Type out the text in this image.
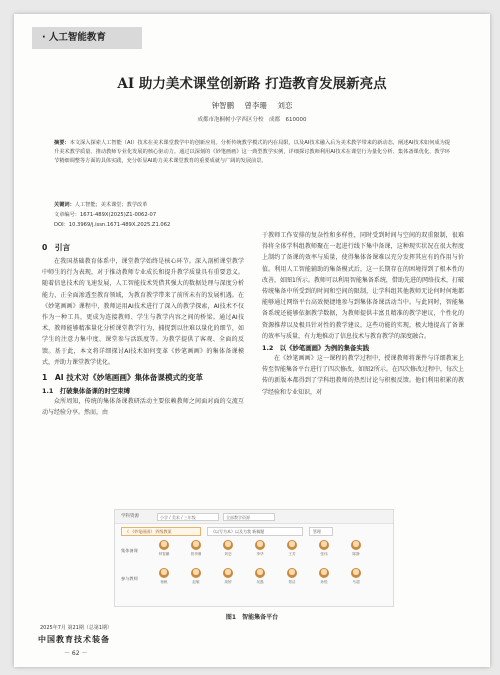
· 人工智能教育
AI 助力美术课堂创新路 打造教育发展新亮点
钟智鹏 曾李珊 刘恋
成都市泡桐树小学西区分校　成都　610000
摘要：本文深入探索人工智能（AI）技术在美术课堂教学中的创新应用。分析传统教学模式的内在局限，以及AI技术融入后为美术教学带来的新动态，阐述AI技术如何成为提升美术教学质量、推动教师专业化发展的核心驱动力。通过以深刻的《妙笔画画》这一典型教学实例，详细探讨教师利用AI技术在课堂行为量化分析、集体备课优化、教学环节精细调整等方面的具体实践，充分彰显AI助力美术课堂教育的重要成就与广阔的发展前景。
关键词：人工智能；美术课堂；教学改革
文章编号：1671-489X(2025)Z1-0062-07
DOI：10.3969/j.issn.1671-489X.2025.Z1.062
0　引言
在我国基础教育体系中，课堂教学始终是核心环节。深入剖析课堂教学中师生的行为表现，对于推动教师专业成长和提升教学质量具有重要意义。随着信息技术的飞速发展，人工智能技术凭借其强大的数据处理与深度分析能力，正全面渗透至教育领域，为教育教学带来了前所未有的发展机遇。在《妙笔画画》课程中，教师运用AI技术进行了深入的教学探索，AI技术不仅作为一种工具，更成为连接教师、学生与教学内容之间的桥梁。通过AI技术，教师能够精准量化分析课堂教学行为，捕捉到以往难以量化的细节，如学生的注意力集中度、课堂参与活跃度等。为教学提供了客观、全面的反馈。基于此，本文将详细探讨AI技术如何变革《妙笔画画》的集体备课模式，并助力课堂教学优化。
1　AI 技术对《妙笔画画》集体备课模式的变革
1.1　打破集体备课的时空束缚
众所周知，传统的集体备课教研活动主要依赖教师之间面对面的交流互动与经验分享。然而，由
于教师工作安排的复杂性和多样性，同时受到时间与空间的双重限制，很难得将全体学科组教师聚在一起进行线下集中备课，这种现实状况在很大程度上制约了备课的效率与质量，使得集体备课难以充分发挥其应有的作用与价值。利用人工智能辅助的集备模式后，这一长期存在的困境得到了根本性的改善，如图1所示。教师可以利用智能集备系统，借助先进的网络技术，打破传统集备中所受到的时间和空间的限制，让学科组其他教师无论何时何地都能够通过网络平台高效便捷地参与到集体备课活动当中。与此同时，智能集备系统还能够依据教学数据，为教师提供丰富且精准的教学建议，个性化的资源推荐以及极具针对性的教学建议。这些功能的实现，极大地提高了备课的效率与质量，有力地推动了信息技术与教育教学的深度融合。
1.2　以《妙笔画画》为例的集备实践
在《妙笔画画》这一课程的教学过程中，授课教师将课件与详细教案上传至智能集备平台进行了四次修改，如图2所示。在四次修改过程中，每次上传的新版本都得到了学科组教师的热烈讨论与积极反馈。他们利用积累的教学经验和专业知识，对
学科资源	小学 / 美术 / 三年级	全部教学资源
《 《妙笔画画》 四级教案	《以写为本》以及为我 新稿题	管理
集体备课
参与教师
钟智鹏	曾李珊	刘恋	李华	王芳	张伟	陈静
杨帆	赵敏	周婷	吴磊	郑洁	孙悦	马超
图1　智能集备平台
2025年7月 第21期（总第1期）
中国教育技术装备
－ 62 －
